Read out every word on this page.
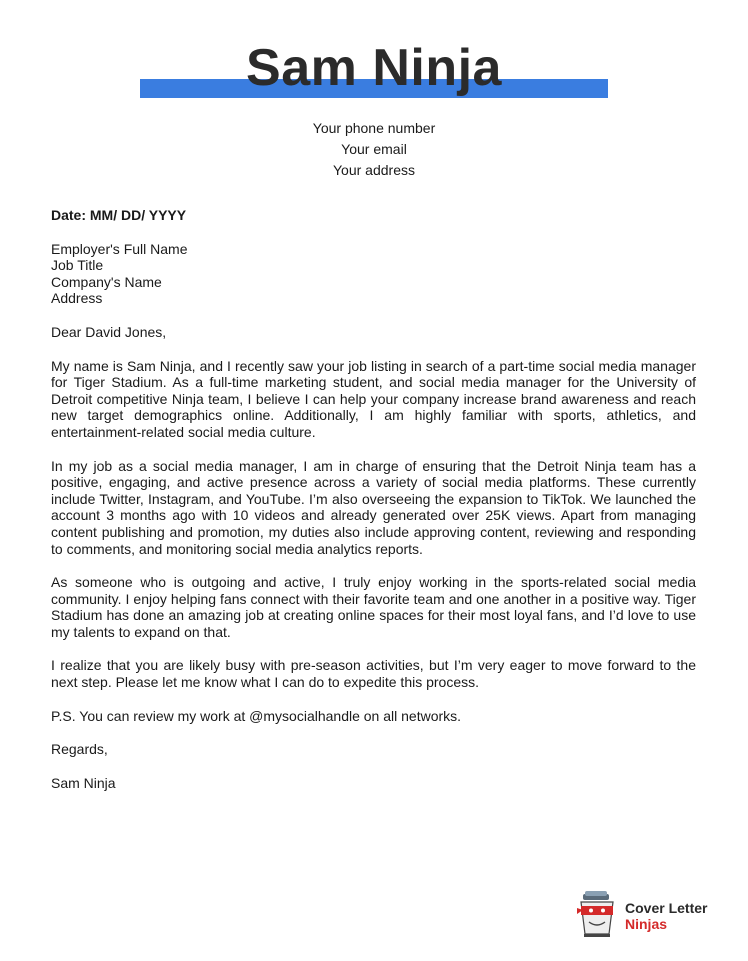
Sam Ninja
Your phone number
Your email
Your address
Date: MM/ DD/ YYYY
Employer's Full Name
Job Title
Company's Name
Address
Dear David Jones,

My name is Sam Ninja, and I recently saw your job listing in search of a part-time social media manager for Tiger Stadium. As a full-time marketing student, and social media manager for the University of Detroit competitive Ninja team, I believe I can help your company increase brand awareness and reach new target demographics online. Additionally, I am highly familiar with sports, athletics, and entertainment-related social media culture.

In my job as a social media manager, I am in charge of ensuring that the Detroit Ninja team has a positive, engaging, and active presence across a variety of social media platforms. These currently include Twitter, Instagram, and YouTube. I’m also overseeing the expansion to TikTok. We launched the account 3 months ago with 10 videos and already generated over 25K views. Apart from managing content publishing and promotion, my duties also include approving content, reviewing and responding to comments, and monitoring social media analytics reports.

As someone who is outgoing and active, I truly enjoy working in the sports-related social media community. I enjoy helping fans connect with their favorite team and one another in a positive way. Tiger Stadium has done an amazing job at creating online spaces for their most loyal fans, and I’d love to use my talents to expand on that.

I realize that you are likely busy with pre-season activities, but I’m very eager to move forward to the next step. Please let me know what I can do to expedite this process.

P.S. You can review my work at @mysocialhandle on all networks.

Regards,
Sam Ninja
Cover Letter
Ninjas
